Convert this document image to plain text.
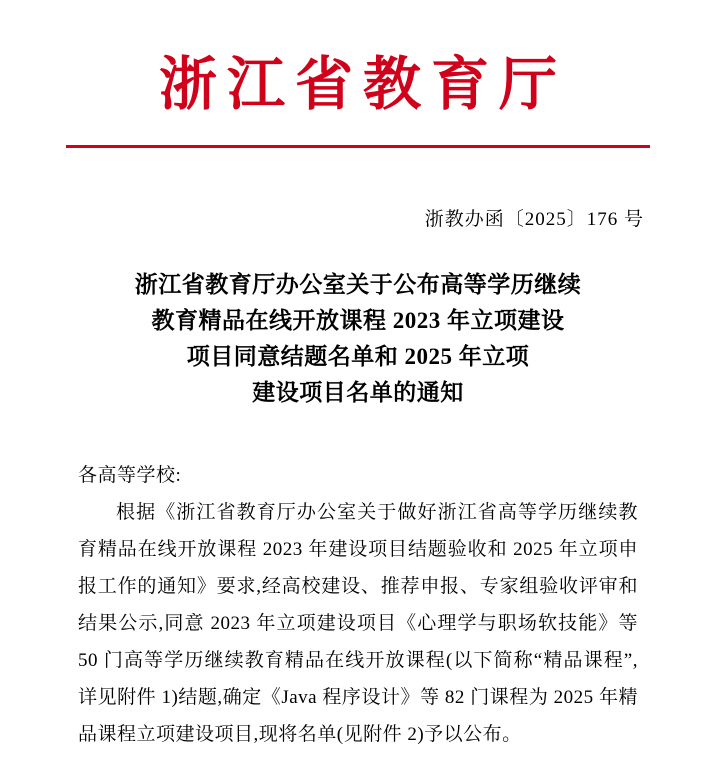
浙江省教育厅
浙教办函〔2025〕176 号
浙江省教育厅办公室关于公布高等学历继续
教育精品在线开放课程 2023 年立项建设
项目同意结题名单和 2025 年立项
建设项目名单的通知

各高等学校:

根据《浙江省教育厅办公室关于做好浙江省高等学历继续教育精品在线开放课程 2023 年建设项目结题验收和 2025 年立项申报工作的通知》要求,经高校建设、推荐申报、专家组验收评审和结果公示,同意 2023 年立项建设项目《心理学与职场软技能》等 50 门高等学历继续教育精品在线开放课程(以下简称“精品课程”,详见附件 1)结题,确定《Java 程序设计》等 82 门课程为 2025 年精品课程立项建设项目,现将名单(见附件 2)予以公布。
